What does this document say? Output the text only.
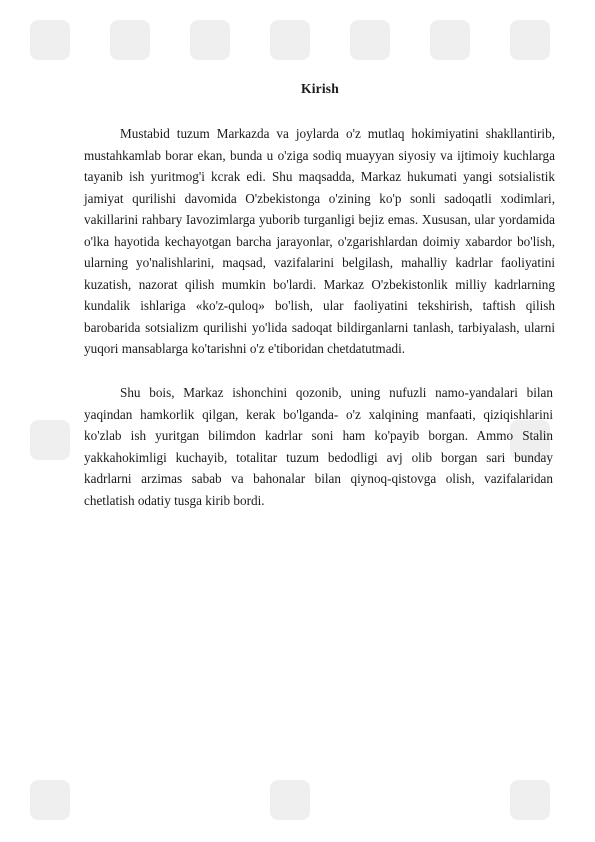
Kirish

Mustabid tuzum Markazda va joylarda o'z mutlaq hokimiyatini shakllantirib, mustahkamlab borar ekan, bunda u o'ziga sodiq muayyan siyosiy va ijtimoiy kuchlarga tayanib ish yuritmog'i kcrak edi. Shu maqsadda, Markaz hukumati yangi sotsialistik jamiyat qurilishi davomida O'zbekistonga o'zining ko'p sonli sadoqatli xodimlari, vakillarini rahbary Iavozimlarga yuborib turganligi bejiz emas. Xususan, ular yordamida o'lka hayotida kechayotgan barcha jarayonlar, o'zgarishlardan doimiy xabardor bo'lish, ularning yo'nalishlarini, maqsad, vazifalarini belgilash, mahalliy kadrlar faoliyatini kuzatish, nazorat qilish mumkin bo'lardi. Markaz O'zbekistonlik milliy kadrlarning kundalik ishlariga «ko'z-quloq» bo'lish, ular faoliyatini tekshirish, taftish qilish barobarida sotsializm qurilishi yo'lida sadoqat bildirganlarni tanlash, tarbiyalash, ularni yuqori mansablarga ko'tarishni o'z e'tiboridan chetdatutmadi.

Shu bois, Markaz ishonchini qozonib, uning nufuzli namo-yandalari bilan yaqindan hamkorlik qilgan, kerak bo'lganda- o'z xalqining manfaati, qiziqishlarini ko'zlab ish yuritgan bilimdon kadrlar soni ham ko'payib borgan. Ammo Stalin yakkahokimligi kuchayib, totalitar tuzum bedodligi avj olib borgan sari bunday kadrlarni arzimas sabab va bahonalar bilan qiynoq-qistovga olish, vazifalaridan chetlatish odatiy tusga kirib bordi.
